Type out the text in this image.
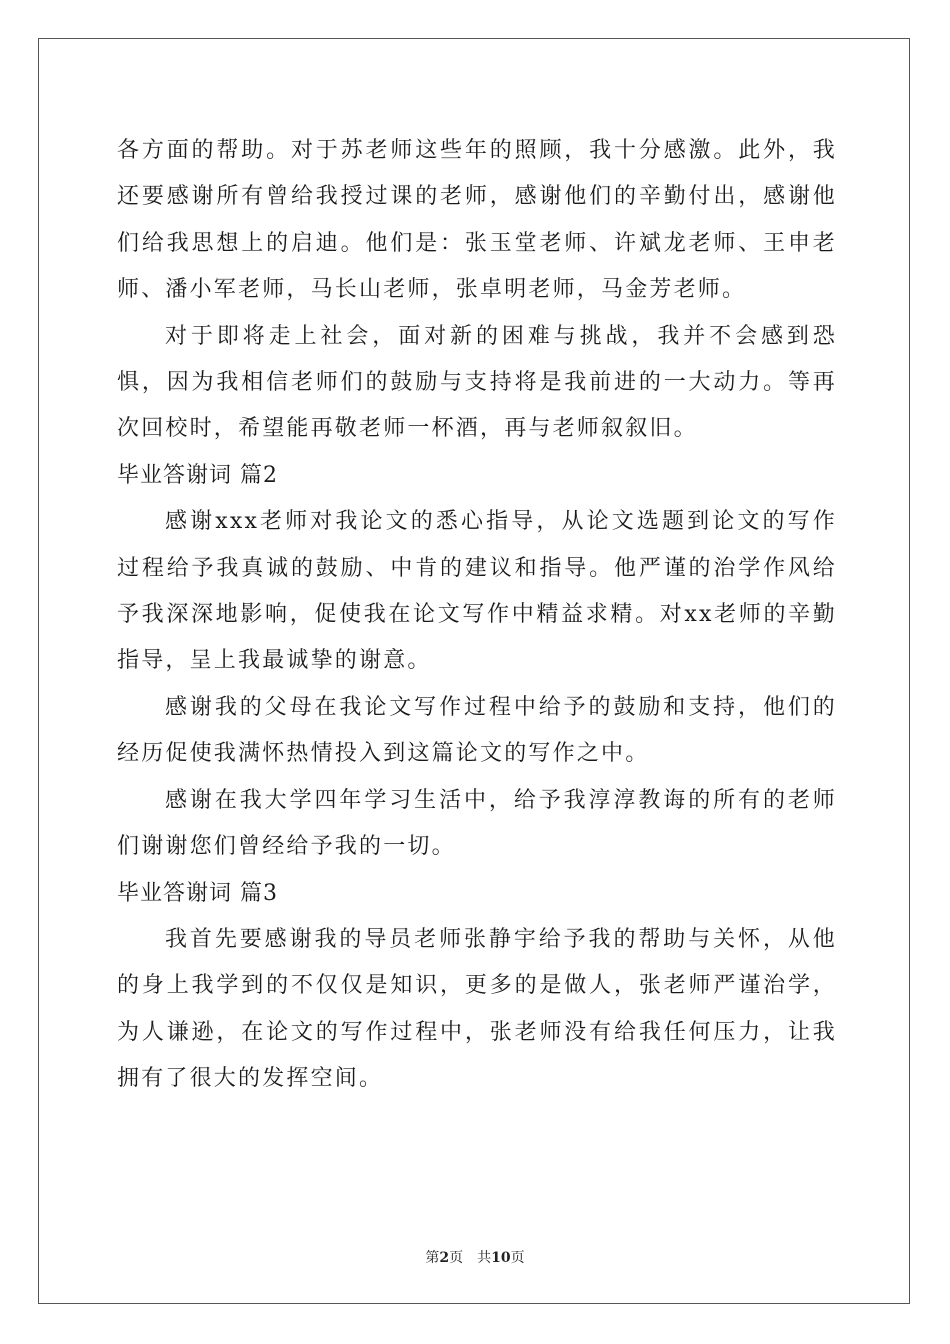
各方面的帮助。对于苏老师这些年的照顾，我十分感激。此外，我还要感谢所有曾给我授过课的老师，感谢他们的辛勤付出，感谢他们给我思想上的启迪。他们是：张玉堂老师、许斌龙老师、王申老师、潘小军老师，马长山老师，张卓明老师，马金芳老师。

对于即将走上社会，面对新的困难与挑战，我并不会感到恐惧，因为我相信老师们的鼓励与支持将是我前进的一大动力。等再次回校时，希望能再敬老师一杯酒，再与老师叙叙旧。

毕业答谢词 篇2

感谢xxx老师对我论文的悉心指导，从论文选题到论文的写作过程给予我真诚的鼓励、中肯的建议和指导。他严谨的治学作风给予我深深地影响，促使我在论文写作中精益求精。对xx老师的辛勤指导，呈上我最诚挚的谢意。

感谢我的父母在我论文写作过程中给予的鼓励和支持，他们的经历促使我满怀热情投入到这篇论文的写作之中。

感谢在我大学四年学习生活中，给予我淳淳教诲的所有的老师们谢谢您们曾经给予我的一切。

毕业答谢词 篇3

我首先要感谢我的导员老师张静宇给予我的帮助与关怀，从他的身上我学到的不仅仅是知识，更多的是做人，张老师严谨治学，为人谦逊，在论文的写作过程中，张老师没有给我任何压力，让我拥有了很大的发挥空间。

第2页 共10页
